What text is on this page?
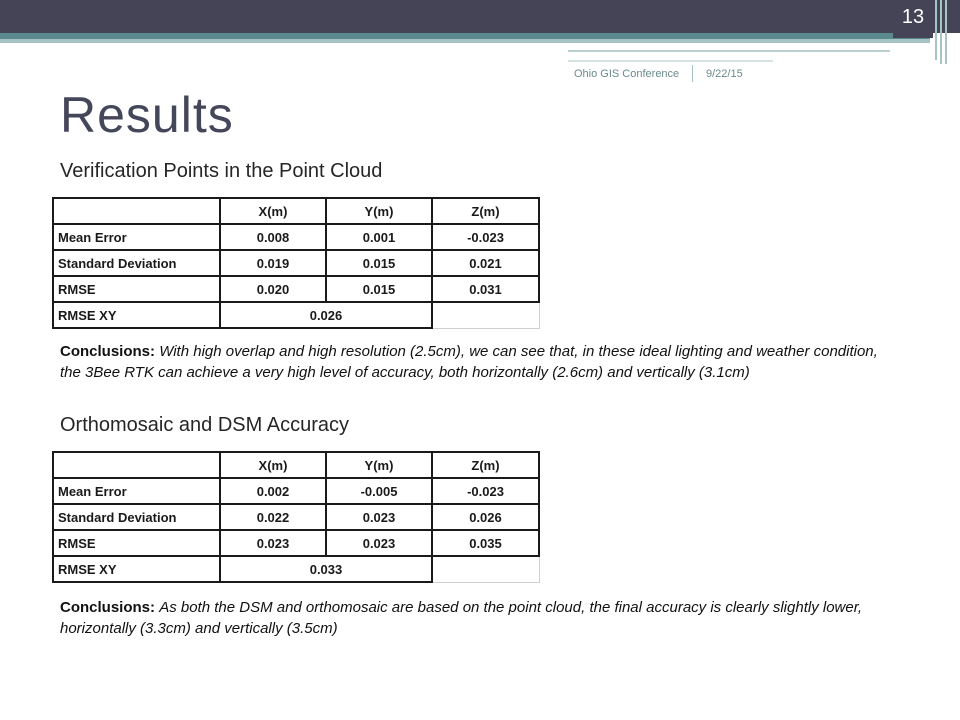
13
Ohio GIS Conference 9/22/15
Results
Verification Points in the Point Cloud
	X(m)	Y(m)	Z(m)
Mean Error	0.008	0.001	-0.023
Standard Deviation	0.019	0.015	0.021
RMSE	0.020	0.015	0.031
RMSE XY	0.026		
Conclusions: With high overlap and high resolution (2.5cm), we can see that, in these ideal lighting and weather condition, the 3Bee RTK can achieve a very high level of accuracy, both horizontally (2.6cm) and vertically (3.1cm)
Orthomosaic and DSM Accuracy
	X(m)	Y(m)	Z(m)
Mean Error	0.002	-0.005	-0.023
Standard Deviation	0.022	0.023	0.026
RMSE	0.023	0.023	0.035
RMSE XY	0.033		
Conclusions: As both the DSM and orthomosaic are based on the point cloud, the final accuracy is clearly slightly lower, horizontally (3.3cm) and vertically (3.5cm)
